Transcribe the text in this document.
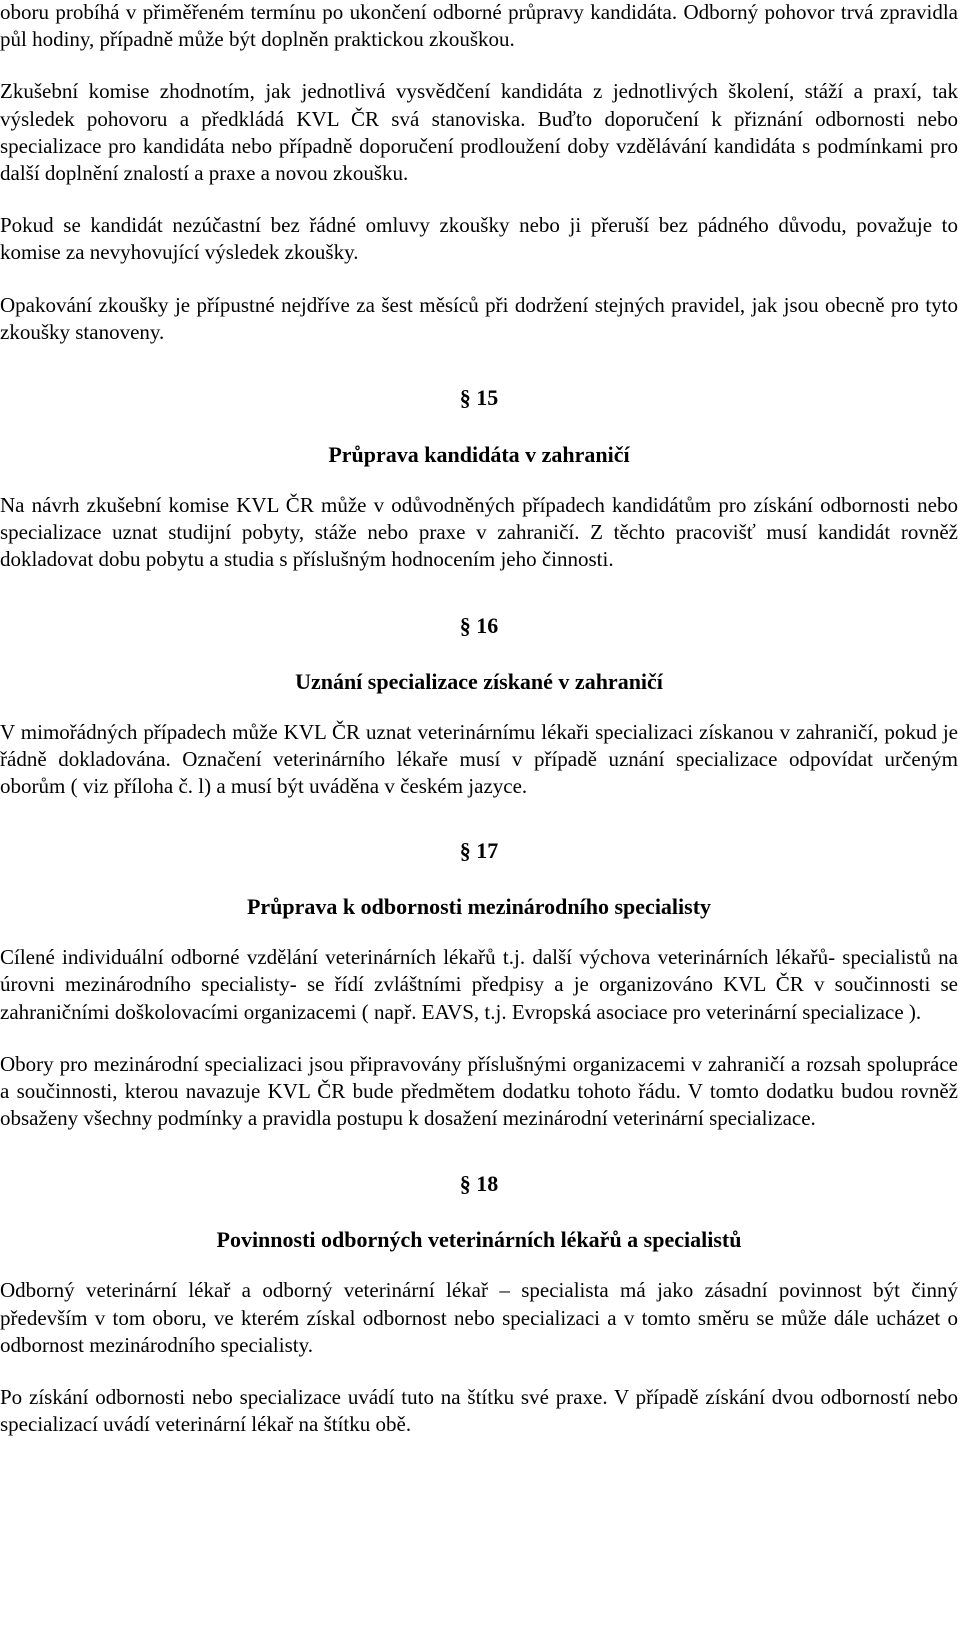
oboru probíhá v přiměřeném termínu po ukončení odborné průpravy kandidáta. Odborný pohovor trvá zpravidla půl hodiny, případně může být doplněn praktickou zkouškou.

Zkušební komise zhodnotím, jak jednotlivá vysvědčení kandidáta z jednotlivých školení, stáží a praxí, tak výsledek pohovoru a předkládá KVL ČR svá stanoviska. Buďto doporučení k přiznání odbornosti nebo specializace pro kandidáta nebo případně doporučení prodloužení doby vzdělávání kandidáta s podmínkami pro další doplnění znalostí a praxe a novou zkoušku.

Pokud se kandidát nezúčastní bez řádné omluvy zkoušky nebo ji přeruší bez pádného důvodu, považuje to komise za nevyhovující výsledek zkoušky.

Opakování zkoušky je přípustné nejdříve za šest měsíců při dodržení stejných pravidel, jak jsou obecně pro tyto zkoušky stanoveny.

§ 15
Průprava kandidáta v zahraničí

Na návrh zkušební komise KVL ČR může v odůvodněných případech kandidátům pro získání odbornosti nebo specializace uznat studijní pobyty, stáže nebo praxe v zahraničí. Z těchto pracovišť musí kandidát rovněž dokladovat dobu pobytu a studia s příslušným hodnocením jeho činnosti.

§ 16
Uznání specializace získané v zahraničí

V mimořádných případech může KVL ČR uznat veterinárnímu lékaři specializaci získanou v zahraničí, pokud je řádně dokladována. Označení veterinárního lékaře musí v případě uznání specializace odpovídat určeným oborům ( viz příloha č. l) a musí být uváděna v českém jazyce.

§ 17
Průprava k odbornosti mezinárodního specialisty

Cílené individuální odborné vzdělání veterinárních lékařů t.j. další výchova veterinárních lékařů- specialistů na úrovni mezinárodního specialisty- se řídí zvláštními předpisy a je organizováno KVL ČR v součinnosti se zahraničními doškolovacími organizacemi ( např. EAVS, t.j. Evropská asociace pro veterinární specializace ).

Obory pro mezinárodní specializaci jsou připravovány příslušnými organizacemi v zahraničí a rozsah spolupráce a součinnosti, kterou navazuje KVL ČR bude předmětem dodatku tohoto řádu. V tomto dodatku budou rovněž obsaženy všechny podmínky a pravidla postupu k dosažení mezinárodní veterinární specializace.

§ 18
Povinnosti odborných veterinárních lékařů a specialistů

Odborný veterinární lékař a odborný veterinární lékař – specialista má jako zásadní povinnost být činný především v tom oboru, ve kterém získal odbornost nebo specializaci a v tomto směru se může dále ucházet o odbornost mezinárodního specialisty.

Po získání odbornosti nebo specializace uvádí tuto na štítku své praxe. V případě získání dvou odborností nebo specializací uvádí veterinární lékař na štítku obě.
